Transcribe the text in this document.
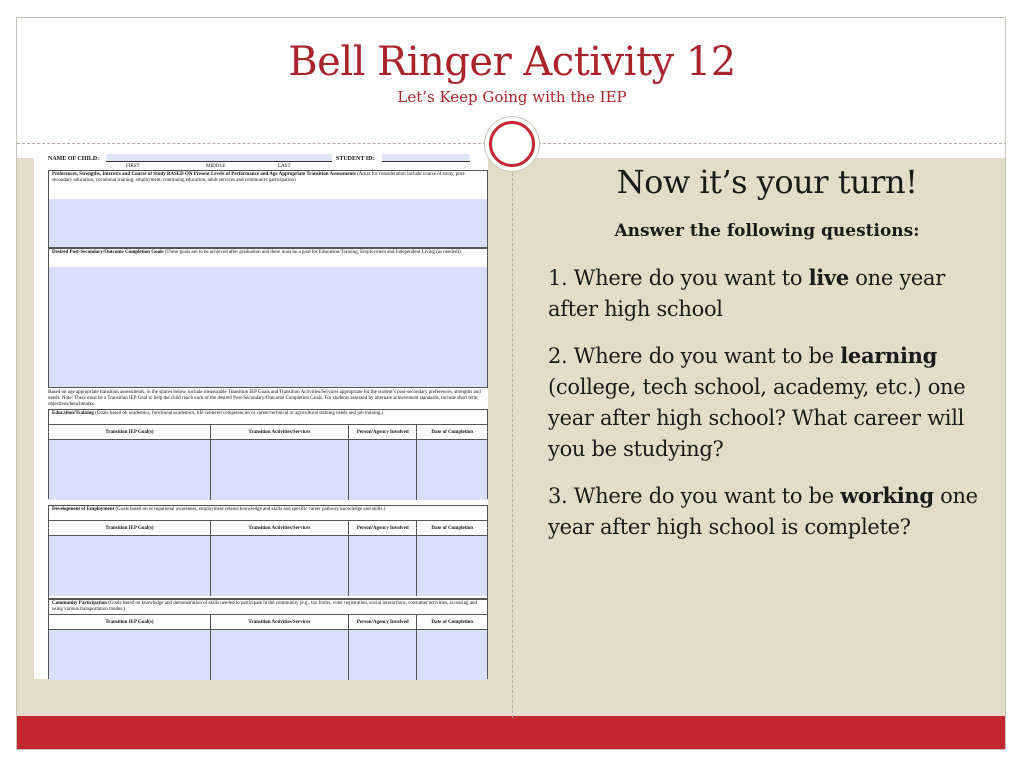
Bell Ringer Activity 12
Let’s Keep Going with the IEP
NAME OF CHILD:	STUDENT ID:
FIRST	MIDDLE	LAST
Preferences, Strengths, Interests and Course of Study BASED ON Present Levels of Performance and Age Appropriate Transition Assessments (Areas for consideration include course of study, post-secondary education, vocational training, employment, continuing education, adult services and community participation)
Desired Post-Secondary/Outcome Completion Goals (These goals are to be achieved after graduation and there must be a goal for Education/Training, Employment and Independent Living (as needed))
Based on age appropriate transition assessments, in the spaces below, include measurable Transition IEP Goals and Transition Activities/Services appropriate for the student’s post-secondary preferences, strengths and needs. Note: There must be a Transition IEP Goal to help the child reach each of the desired Post-Secondary/Outcome Completion Goals. For students assessed by alternate achievement standards, include short term objectives/benchmarks.
Education/Training (Goals based on academics, functional academics, life centered competencies or career/technical or agricultural training needs and job training.)
Transition IEP Goal(s)	Transition Activities/Services	Person/Agency Involved	Date of Completion
Development of Employment (Goals based on occupational awareness, employment related knowledge and skills and specific career pathway knowledge and skills.)
Transition IEP Goal(s)	Transition Activities/Services	Person/Agency Involved	Date of Completion
Community Participation (Goals based on knowledge and demonstration of skills needed to participate in the community (e.g., tax forms, voter registration, social interactions, consumer activities, accessing and using various transportation modes.)
Transition IEP Goal(s)	Transition Activities/Services	Person/Agency Involved	Date of Completion
Now it’s your turn!
Answer the following questions:
1. Where do you want to live one year after high school
2. Where do you want to be learning (college, tech school, academy, etc.) one year after high school? What career will you be studying?
3. Where do you want to be working one year after high school is complete?
